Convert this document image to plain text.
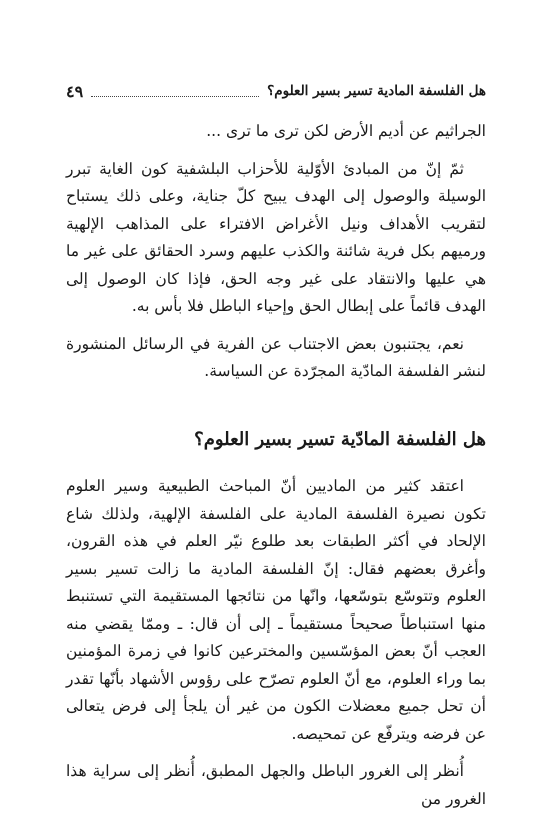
هل الفلسفة المادية تسير بسير العلوم؟
٤٩

الجراثيم عن أديم الأرض لكن ترى ما ترى ...

ثمّ إنّ من المبادئ الأوّلية للأحزاب البلشفية كون الغاية تبرر الوسيلة والوصول إلى الهدف يبيح كلّ جناية، وعلى ذلك يستباح لتقريب الأهداف ونيل الأغراض الافتراء على المذاهب الإلهية ورميهم بكل فرية شائنة والكذب عليهم وسرد الحقائق على غير ما هي عليها والانتقاد على غير وجه الحق، فإذا كان الوصول إلى الهدف قائماً على إبطال الحق وإحياء الباطل فلا بأس به.

نعم، يجتنبون بعض الاجتناب عن الفرية في الرسائل المنشورة لنشر الفلسفة المادّية المجرّدة عن السياسة.

هل الفلسفة المادّية تسير بسير العلوم؟

اعتقد كثير من الماديين أنّ المباحث الطبيعية وسير العلوم تكون نصيرة الفلسفة المادية على الفلسفة الإلهية، ولذلك شاع الإلحاد في أكثر الطبقات بعد طلوع نيّر العلم في هذه القرون، وأغرق بعضهم فقال: إنّ الفلسفة المادية ما زالت تسير بسير العلوم وتتوسّع بتوسّعها، وانّها من نتائجها المستقيمة التي تستنبط منها استنباطاً صحيحاً مستقيماً ـ إلى أن قال: ـ وممّا يقضي منه العجب أنّ بعض المؤسّسين والمخترعين كانوا في زمرة المؤمنين بما وراء العلوم، مع أنّ العلوم تصرّح على رؤوس الأشهاد بأنّها تقدر أن تحل جميع معضلات الكون من غير أن يلجأ إلى فرض يتعالى عن فرضه ويترفّع عن تمحيصه.

أُنظر إلى الغرور الباطل والجهل المطبق، أُنظر إلى سراية هذا الغرور من
